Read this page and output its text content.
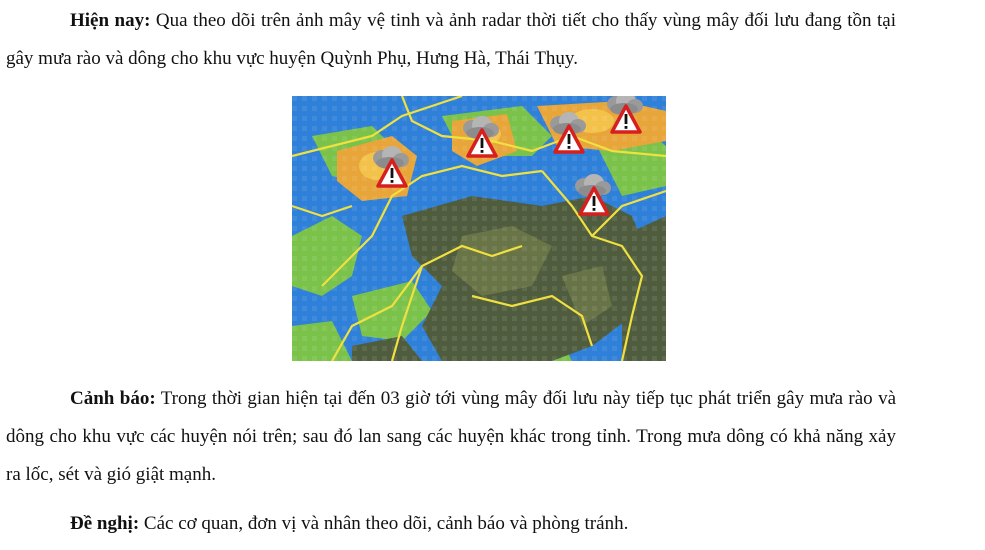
Hiện nay: Qua theo dõi trên ảnh mây vệ tinh và ảnh radar thời tiết cho thấy vùng mây đối lưu đang tồn tại gây mưa rào và dông cho khu vực huyện Quỳnh Phụ, Hưng Hà, Thái Thụy.

Cảnh báo: Trong thời gian hiện tại đến 03 giờ tới vùng mây đối lưu này tiếp tục phát triển gây mưa rào và dông cho khu vực các huyện nói trên; sau đó lan sang các huyện khác trong tỉnh. Trong mưa dông có khả năng xảy ra lốc, sét và gió giật mạnh.

Đề nghị: Các cơ quan, đơn vị và nhân theo dõi, cảnh báo và phòng tránh.
